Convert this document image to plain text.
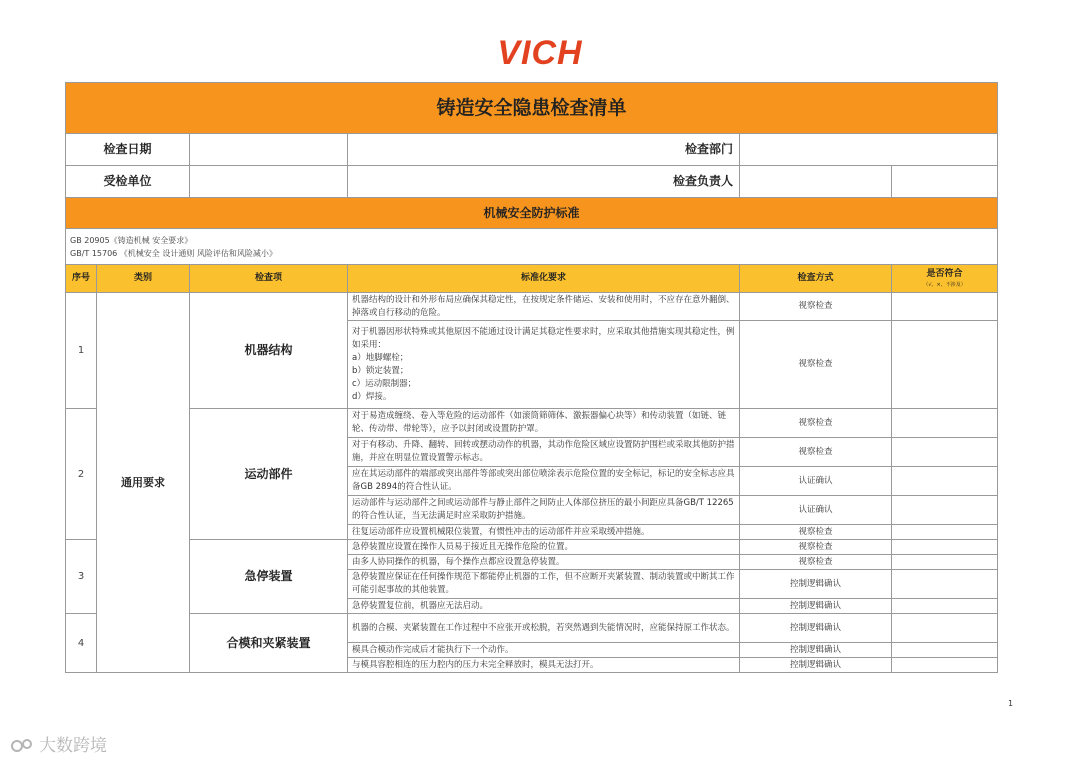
VICH
铸造安全隐患检查清单					
检查日期			检查部门		
受检单位			检查负责人		
机械安全防护标准					

GB 20905《铸造机械 安全要求》
GB/T 15706 《机械安全 设计通则 风险评估和风险减小》					

序号	类别	检查项	标准化要求	检查方式	是否符合
（√、×、不涉及）

1	通用要求	机器结构	机器结构的设计和外形布局应确保其稳定性，在按规定条件储运、安装和使用时，不应存在意外翻倒、掉落或自行移动的危险。	视察检查	

			对于机器因形状特殊或其他原因不能通过设计满足其稳定性要求时，应采取其他措施实现其稳定性，例如采用：
a）地脚螺栓；
b）锁定装置；
c）运动限制器；
d）焊接。	视察检查	
2		运动部件	对于易造成缠绕、卷入等危险的运动部件（如滚筒筛筛体、激振器偏心块等）和传动装置（如链、链轮、传动带、带轮等），应予以封闭或设置防护罩。	视察检查	

			对于有移动、升降、翻转、回转或摆动动作的机器，其动作危险区域应设置防护围栏或采取其他防护措施，并应在明显位置设置警示标志。	视察检查	

			应在其运动部件的端部或突出部件等部或突出部位喷涂表示危险位置的安全标记，标记的安全标志应具备GB 2894的符合性认证。	认证确认	

			运动部件与运动部件之间或运动部件与静止部件之间防止人体部位挤压的最小间距应具备GB/T 12265的符合性认证，当无法满足时应采取防护措施。	认证确认	

			往复运动部件应设置机械限位装置，有惯性冲击的运动部件并应采取缓冲措施。	视察检查	
3		急停装置	急停装置应设置在操作人员易于接近且无操作危险的位置。	视察检查	

			由多人协同操作的机器，每个操作点都应设置急停装置。	视察检查	

			急停装置应保证在任何操作规范下都能停止机器的工作，但不应断开夹紧装置、制动装置或中断其工作可能引起事故的其他装置。	控制逻辑确认	

			急停装置复位前，机器应无法启动。	控制逻辑确认	
4		合模和夹紧装置	机器的合模、夹紧装置在工作过程中不应张开或松脱，若突然遇到失能情况时，应能保持原工作状态。	控制逻辑确认	

			模具合模动作完成后才能执行下一个动作。	控制逻辑确认	

			与模具容腔相连的压力腔内的压力未完全释放时，模具无法打开。	控制逻辑确认	
1
大数跨境
